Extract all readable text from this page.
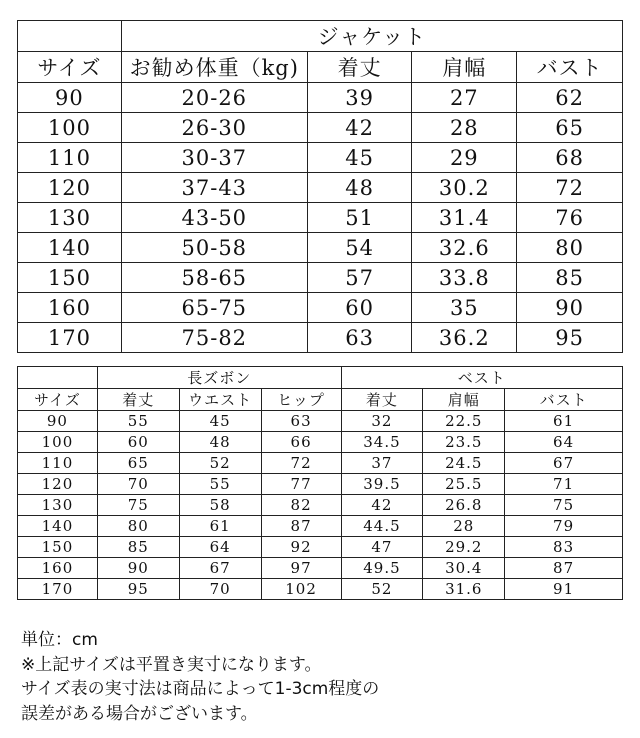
	ジャケット			
サイズ	お勧め体重（kg)	着丈	肩幅	バスト
90	20-26	39	27	62
100	26-30	42	28	65
110	30-37	45	29	68
120	37-43	48	30.2	72
130	43-50	51	31.4	76
140	50-58	54	32.6	80
150	58-65	57	33.8	85
160	65-75	60	35	90
170	75-82	63	36.2	95
	長ズボン			ベスト		
サイズ	着丈	ウエスト	ヒップ	着丈	肩幅	バスト
90	55	45	63	32	22.5	61
100	60	48	66	34.5	23.5	64
110	65	52	72	37	24.5	67
120	70	55	77	39.5	25.5	71
130	75	58	82	42	26.8	75
140	80	61	87	44.5	28	79
150	85	64	92	47	29.2	83
160	90	67	97	49.5	30.4	87
170	95	70	102	52	31.6	91
単位：cm
※上記サイズは平置き実寸になります。
サイズ表の実寸法は商品によって1-3cm程度の
誤差がある場合がございます。
